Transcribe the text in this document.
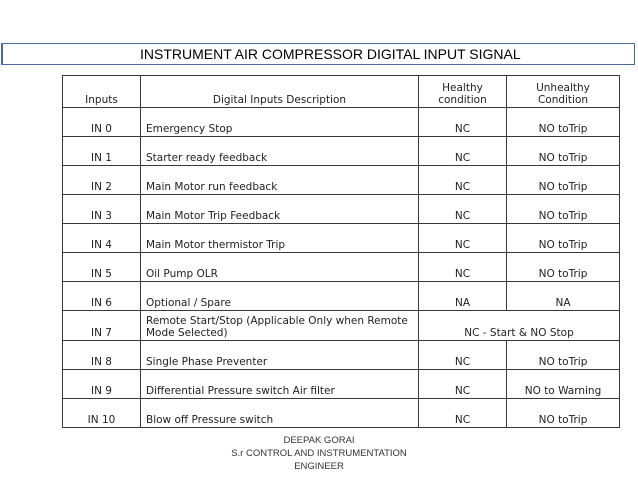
INSTRUMENT AIR COMPRESSOR DIGITAL INPUT SIGNAL
Inputs	Digital Inputs Description	Healthy condition	Unhealthy Condition
IN 0	Emergency Stop	NC	NO toTrip
IN 1	Starter ready feedback	NC	NO toTrip
IN 2	Main Motor run feedback	NC	NO toTrip
IN 3	Main Motor Trip Feedback	NC	NO toTrip
IN 4	Main Motor thermistor Trip	NC	NO toTrip
IN 5	Oil Pump OLR	NC	NO toTrip
IN 6	Optional / Spare	NA	NA
IN 7	Remote Start/Stop (Applicable Only when Remote Mode Selected)	NC - Start & NO Stop	
IN 8	Single Phase Preventer	NC	NO toTrip
IN 9	Differential Pressure switch Air filter	NC	NO to Warning
IN 10	Blow off Pressure switch	NC	NO toTrip
DEEPAK GORAI
S.r CONTROL AND INSTRUMENTATION
ENGINEER
